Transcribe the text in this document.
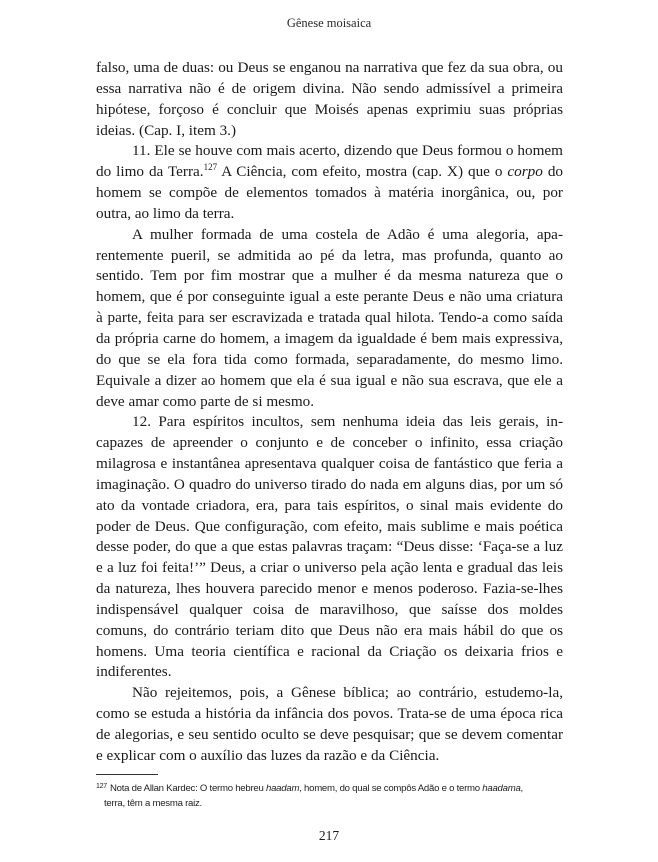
Gênese moisaica

falso, uma de duas: ou Deus se enganou na narrativa que fez da sua obra, ou essa narrativa não é de origem divina. Não sendo admissível a primeira hipótese, forçoso é concluir que Moisés apenas exprimiu suas próprias ideias. (Cap. I, item 3.)

11. Ele se houve com mais acerto, dizendo que Deus formou o homem do limo da Terra.$^{127}$ A Ciência, com efeito, mostra (cap. X) que o corpo do homem se compõe de elementos tomados à matéria inorgânica, ou, por outra, ao limo da terra.

A mulher formada de uma costela de Adão é uma alegoria, aparentemente pueril, se admitida ao pé da letra, mas profunda, quanto ao sentido. Tem por fim mostrar que a mulher é da mesma natureza que o homem, que é por conseguinte igual a este perante Deus e não uma criatura à parte, feita para ser escravizada e tratada qual hilota. Tendo-a como saída da própria carne do homem, a imagem da igualdade é bem mais expressiva, do que se ela fora tida como formada, separadamente, do mesmo limo. Equivale a dizer ao homem que ela é sua igual e não sua escrava, que ele a deve amar como parte de si mesmo.

12. Para espíritos incultos, sem nenhuma ideia das leis gerais, incapazes de apreender o conjunto e de conceber o infinito, essa criação milagrosa e instantânea apresentava qualquer coisa de fantástico que feria a imaginação. O quadro do universo tirado do nada em alguns dias, por um só ato da vontade criadora, era, para tais espíritos, o sinal mais evidente do poder de Deus. Que configuração, com efeito, mais sublime e mais poética desse poder, do que a que estas palavras traçam: “Deus disse: ‘Faça-se a luz e a luz foi feita!’” Deus, a criar o universo pela ação lenta e gradual das leis da natureza, lhes houvera parecido menor e menos poderoso. Fazia-se-lhes indispensável qualquer coisa de maravilhoso, que saísse dos moldes comuns, do contrário teriam dito que Deus não era mais hábil do que os homens. Uma teoria científica e racional da Criação os deixaria frios e indiferentes.

Não rejeitemos, pois, a Gênese bíblica; ao contrário, estudemo-la, como se estuda a história da infância dos povos. Trata-se de uma época rica de alegorias, e seu sentido oculto se deve pesquisar; que se devem comentar e explicar com o auxílio das luzes da razão e da Ciência.

$^{127}$ Nota de Allan Kardec: O termo hebreu haadam, homem, do qual se compôs Adão e o termo haadama,
terra, têm a mesma raiz.
217
